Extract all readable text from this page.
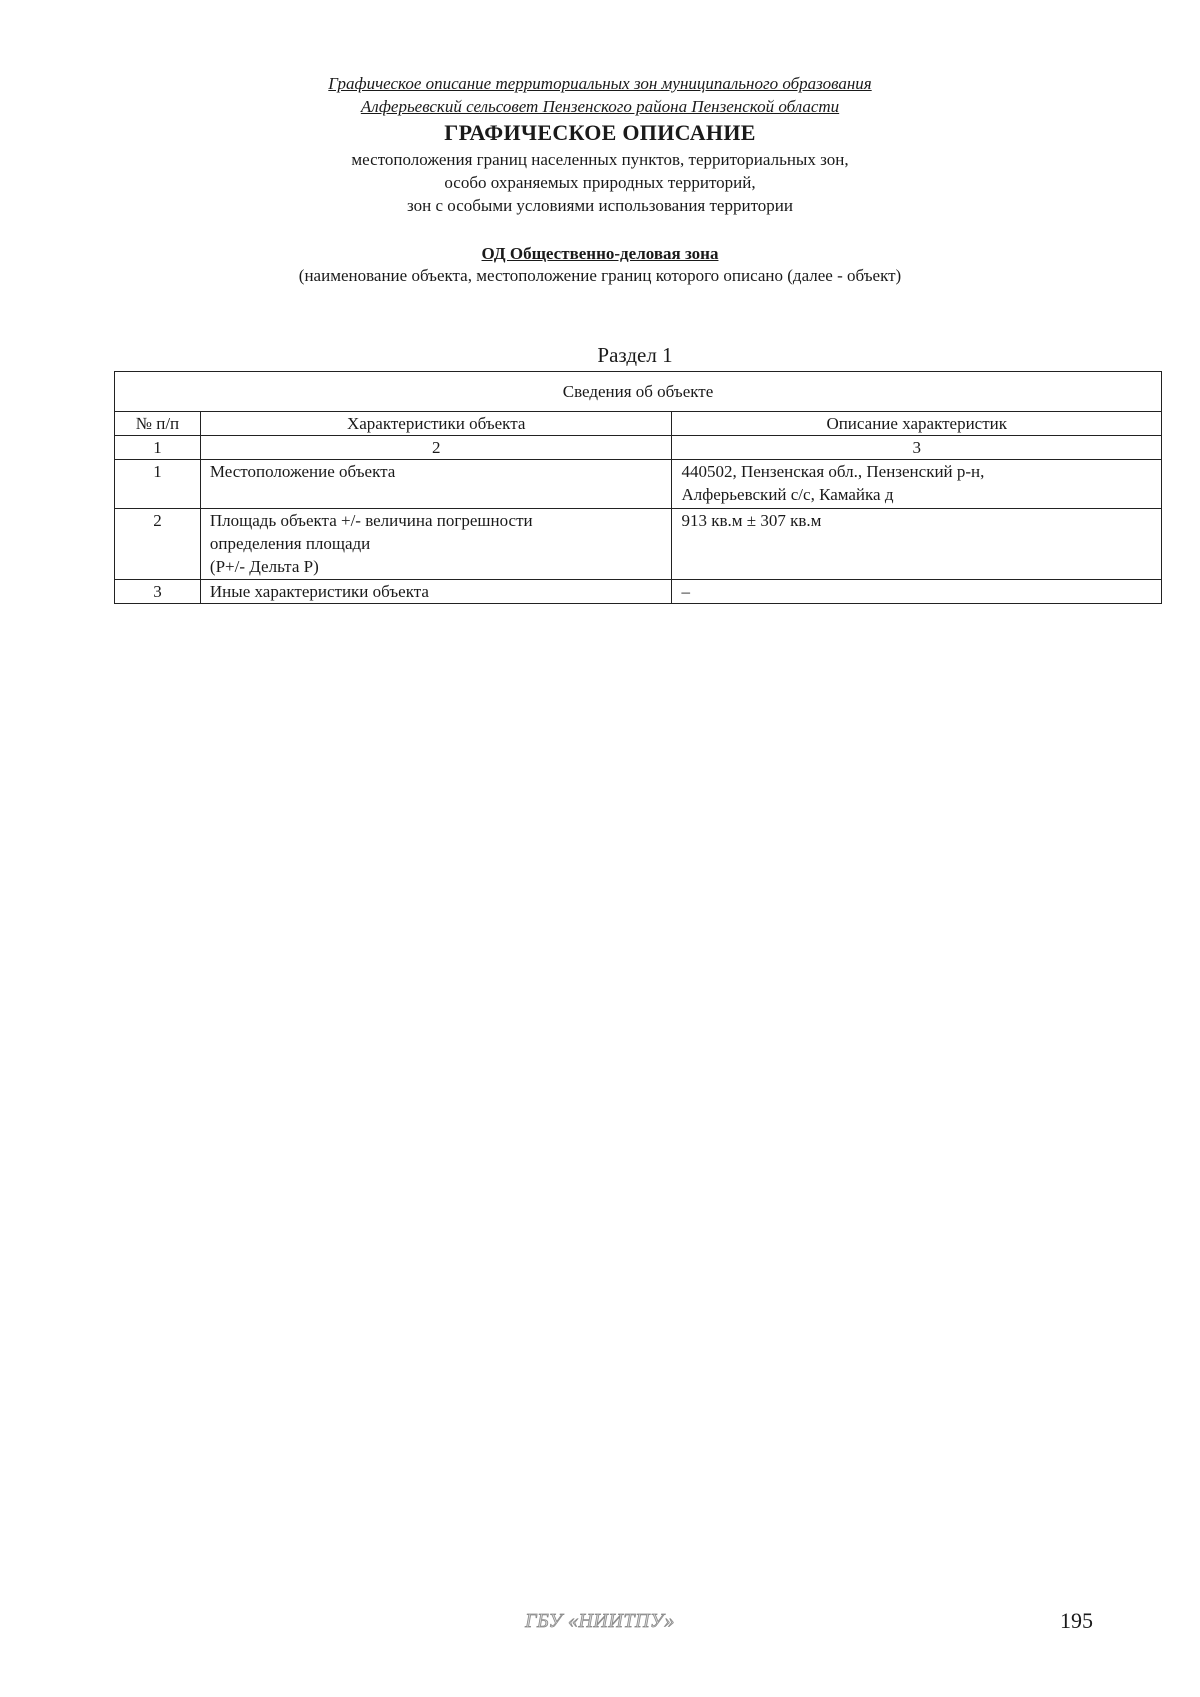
Графическое описание территориальных зон муниципального образования
Алферьевский сельсовет Пензенского района Пензенской области
ГРАФИЧЕСКОЕ ОПИСАНИЕ
местоположения границ населенных пунктов, территориальных зон,
особо охраняемых природных территорий,
зон с особыми условиями использования территории
ОД Общественно-деловая зона
(наименование объекта, местоположение границ которого описано (далее - объект)
Раздел 1
Сведения об объекте		
№ п/п	Характеристики объекта	Описание характеристик
1	2	3
1	Местоположение объекта	440502, Пензенская обл., Пензенский р-н,
Алферьевский с/с, Камайка д

2	Площадь объекта +/- величина погрешности
определения площади
(Р+/- Дельта Р)	913 кв.м ± 307 кв.м

3	Иные характеристики объекта	–
ГБУ «НИИТПУ»	195
